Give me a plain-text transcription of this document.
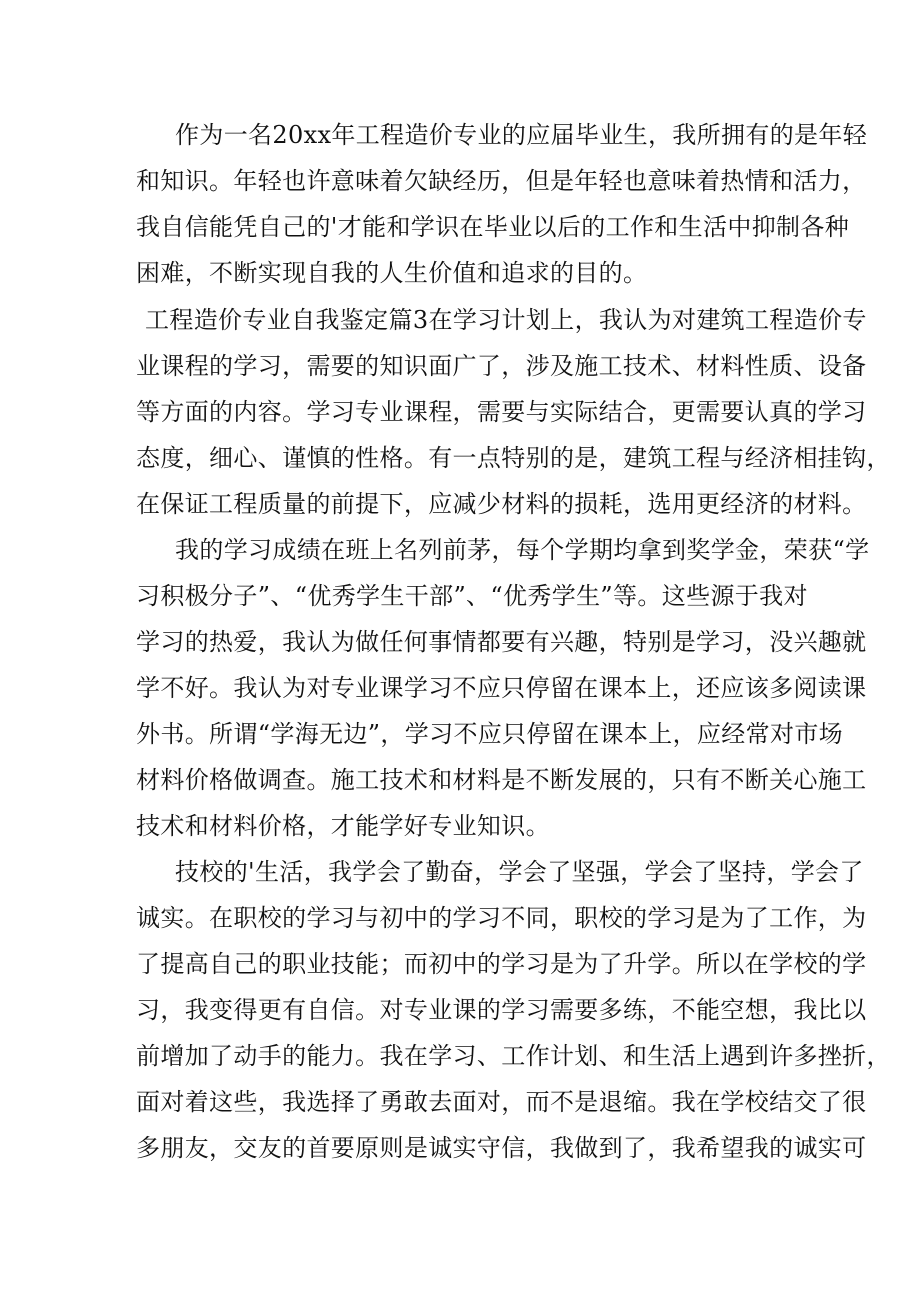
作为一名20xx年工程造价专业的应届毕业生，我所拥有的是年轻
和知识。年轻也许意味着欠缺经历，但是年轻也意味着热情和活力，
我自信能凭自己的'才能和学识在毕业以后的工作和生活中抑制各种
困难，不断实现自我的人生价值和追求的目的。
工程造价专业自我鉴定篇3在学习计划上，我认为对建筑工程造价专
业课程的学习，需要的知识面广了，涉及施工技术、材料性质、设备
等方面的内容。学习专业课程，需要与实际结合，更需要认真的学习
态度，细心、谨慎的性格。有一点特别的是，建筑工程与经济相挂钩，
在保证工程质量的前提下，应减少材料的损耗，选用更经济的材料。
我的学习成绩在班上名列前茅，每个学期均拿到奖学金，荣获“学
习积极分子”、“优秀学生干部”、“优秀学生”等。这些源于我对
学习的热爱，我认为做任何事情都要有兴趣，特别是学习，没兴趣就
学不好。我认为对专业课学习不应只停留在课本上，还应该多阅读课
外书。所谓“学海无边”，学习不应只停留在课本上，应经常对市场
材料价格做调查。施工技术和材料是不断发展的，只有不断关心施工
技术和材料价格，才能学好专业知识。
技校的'生活，我学会了勤奋，学会了坚强，学会了坚持，学会了
诚实。在职校的学习与初中的学习不同，职校的学习是为了工作，为
了提高自己的职业技能；而初中的学习是为了升学。所以在学校的学
习，我变得更有自信。对专业课的学习需要多练，不能空想，我比以
前增加了动手的能力。我在学习、工作计划、和生活上遇到许多挫折，
面对着这些，我选择了勇敢去面对，而不是退缩。我在学校结交了很
多朋友，交友的首要原则是诚实守信，我做到了，我希望我的诚实可
